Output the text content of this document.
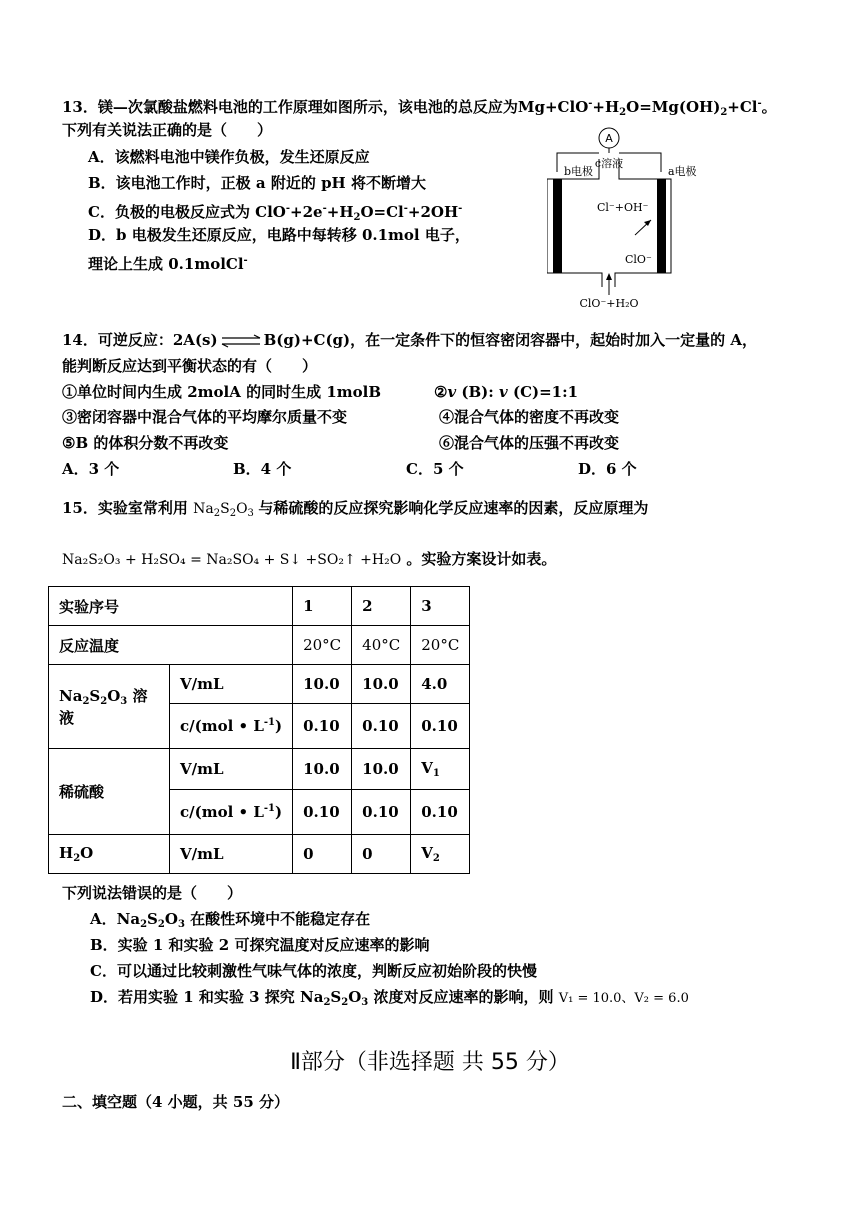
13．镁—次氯酸盐燃料电池的工作原理如图所示，该电池的总反应为$Mg+ClO^-+H_2O=Mg(OH)_2+Cl^-$。
下列有关说法正确的是（　　）
A．该燃料电池中镁作负极，发生还原反应
B．该电池工作时，正极 a 附近的 pH 将不断增大
C．负极的电极反应式为 $ClO^-+2e^-+H_2O=Cl^-+2OH^-$
D．b 电极发生还原反应，电路中每转移 0.1mol 电子，
理论上生成 0.1molCl-
A
b电极
c溶液
a电极
Cl⁻+OH⁻
ClO⁻
ClO⁻+H₂O
14．可逆反应：2A(s) ⇌ B(g)+C(g)，在一定条件下的恒容密闭容器中，起始时加入一定量的 A，
能判断反应达到平衡状态的有（　　）
①单位时间内生成 2molA 的同时生成 1molB	②v (B): v (C)=1:1
③密闭容器中混合气体的平均摩尔质量不变	④混合气体的密度不再改变
⑤B 的体积分数不再改变	⑥混合气体的压强不再改变
A．3 个	B．4 个	C．5 个	D．6 个
15．实验室常利用 $Na_2S_2O_3$ 与稀硫酸的反应探究影响化学反应速率的因素，反应原理为
Na₂S₂O₃ + H₂SO₄ = Na₂SO₄ + S↓ +SO₂↑ +H₂O 。实验方案设计如表。
实验序号		1	2	3
反应温度		20°C	40°C	20°C
$Na_2S_2O_3$ 溶液	V/mL	10.0	10.0	4.0
	c/(mol • $L^{-1}$)	0.10	0.10	0.10
稀硫酸	V/mL	10.0	10.0	$V_1$
	c/(mol • $L^{-1}$)	0.10	0.10	0.10
$H_2O$	V/mL	0	0	$V_2$
下列说法错误的是（　　）
A．$Na_2S_2O_3$ 在酸性环境中不能稳定存在
B．实验 1 和实验 2 可探究温度对反应速率的影响
C．可以通过比较刺激性气味气体的浓度，判断反应初始阶段的快慢
D．若用实验 1 和实验 3 探究 $Na_2S_2O_3$ 浓度对反应速率的影响，则 V₁ = 10.0、V₂ = 6.0
Ⅱ部分（非选择题 共 55 分）
二、填空题（4 小题，共 55 分）
